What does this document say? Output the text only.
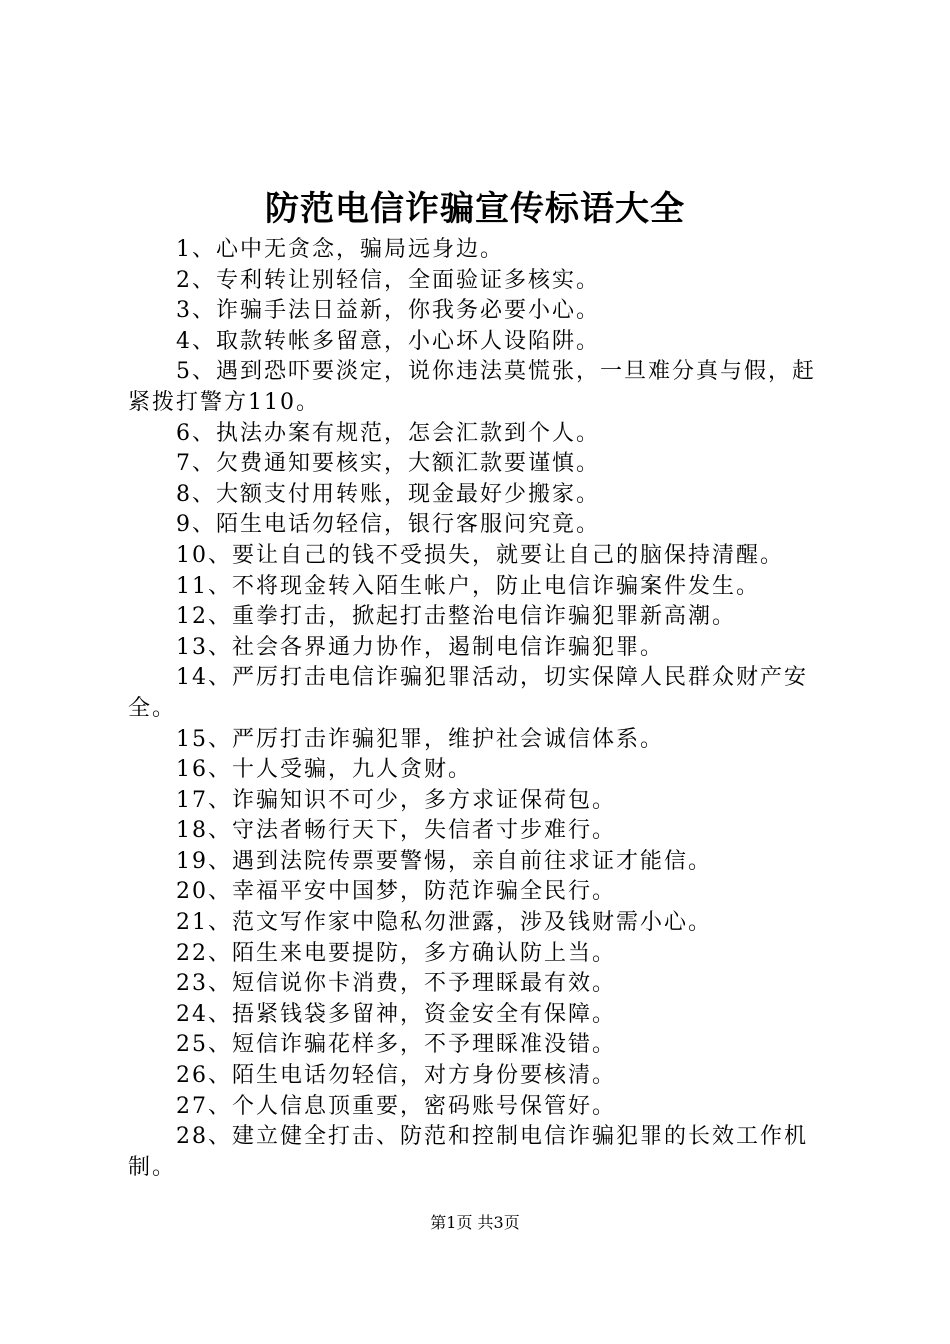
防范电信诈骗宣传标语大全

1、心中无贪念，骗局远身边。

2、专利转让别轻信，全面验证多核实。

3、诈骗手法日益新，你我务必要小心。

4、取款转帐多留意，小心坏人设陷阱。

5、遇到恐吓要淡定，说你违法莫慌张，一旦难分真与假，赶紧拨打警方110。

6、执法办案有规范，怎会汇款到个人。

7、欠费通知要核实，大额汇款要谨慎。

8、大额支付用转账，现金最好少搬家。

9、陌生电话勿轻信，银行客服问究竟。

10、要让自己的钱不受损失，就要让自己的脑保持清醒。

11、不将现金转入陌生帐户，防止电信诈骗案件发生。

12、重拳打击，掀起打击整治电信诈骗犯罪新高潮。

13、社会各界通力协作，遏制电信诈骗犯罪。

14、严厉打击电信诈骗犯罪活动，切实保障人民群众财产安全。

15、严厉打击诈骗犯罪，维护社会诚信体系。

16、十人受骗，九人贪财。

17、诈骗知识不可少，多方求证保荷包。

18、守法者畅行天下，失信者寸步难行。

19、遇到法院传票要警惕，亲自前往求证才能信。

20、幸福平安中国梦，防范诈骗全民行。

21、范文写作家中隐私勿泄露，涉及钱财需小心。

22、陌生来电要提防，多方确认防上当。

23、短信说你卡消费，不予理睬最有效。

24、捂紧钱袋多留神，资金安全有保障。

25、短信诈骗花样多，不予理睬准没错。

26、陌生电话勿轻信，对方身份要核清。

27、个人信息顶重要，密码账号保管好。

28、建立健全打击、防范和控制电信诈骗犯罪的长效工作机制。

第1页 共3页
